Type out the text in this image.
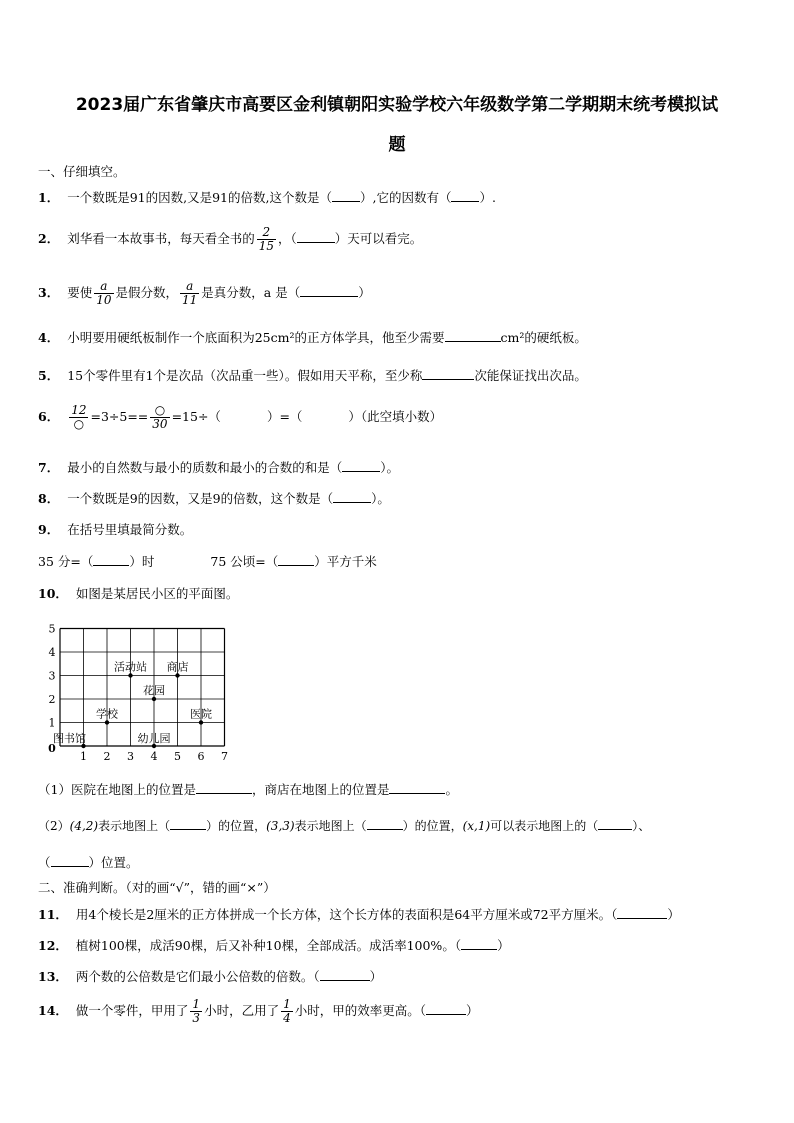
2023届广东省肇庆市高要区金利镇朝阳实验学校六年级数学第二学期期末统考模拟试
题
一、仔细填空。
1． 一个数既是91的因数,又是91的倍数,这个数是（ ）,它的因数有（ ）.
2． 刘华看一本故事书，每天看全书的 $\frac{2}{15}$ ，（	）天可以看完。
3． 要使 $\frac{a}{10}$ 是假分数， $\frac{a}{11}$ 是真分数，a 是（	）
4． 小明要用硬纸板制作一个底面积为25cm²的正方体学具，他至少需要	cm²的硬纸板。
5． 15个零件里有1个是次品（次品重一些）。假如用天平称，至少称	次能保证找出次品。
6． $\frac{12}{○} =3\div 5== \frac{○}{30} =15\div$（	）=（	）（此空填小数）
7． 最小的自然数与最小的质数和最小的合数的和是（	）。
8． 一个数既是9的因数，又是9的倍数，这个数是（	）。
9． 在括号里填最简分数。
35 分=（	）时	75 公顷=（	）平方千米
10． 如图是某居民小区的平面图。
1 2 3 4 5 6 7
1
2
3
4
5
0
活动站 商店
花园
学校	医院
图书馆	幼儿园
（1）医院在地图上的位置是	，商店在地图上的位置是	。
（2）(4,2)表示地图上（	）的位置，(3,3)表示地图上（	）的位置，(x,1)可以表示地图上的（	）、
（	）位置。
二、准确判断。（对的画“√”，错的画“×”）
11． 用4个棱长是2厘米的正方体拼成一个长方体，这个长方体的表面积是64平方厘米或72平方厘米。（	）
12． 植树100棵，成活90棵，后又补种10棵，全部成活。成活率100%。（	）
13． 两个数的公倍数是它们最小公倍数的倍数。（	）
14． 做一个零件，甲用了 $\frac{1}{3}$ 小时，乙用了 $\frac{1}{4}$ 小时，甲的效率更高。（	）
